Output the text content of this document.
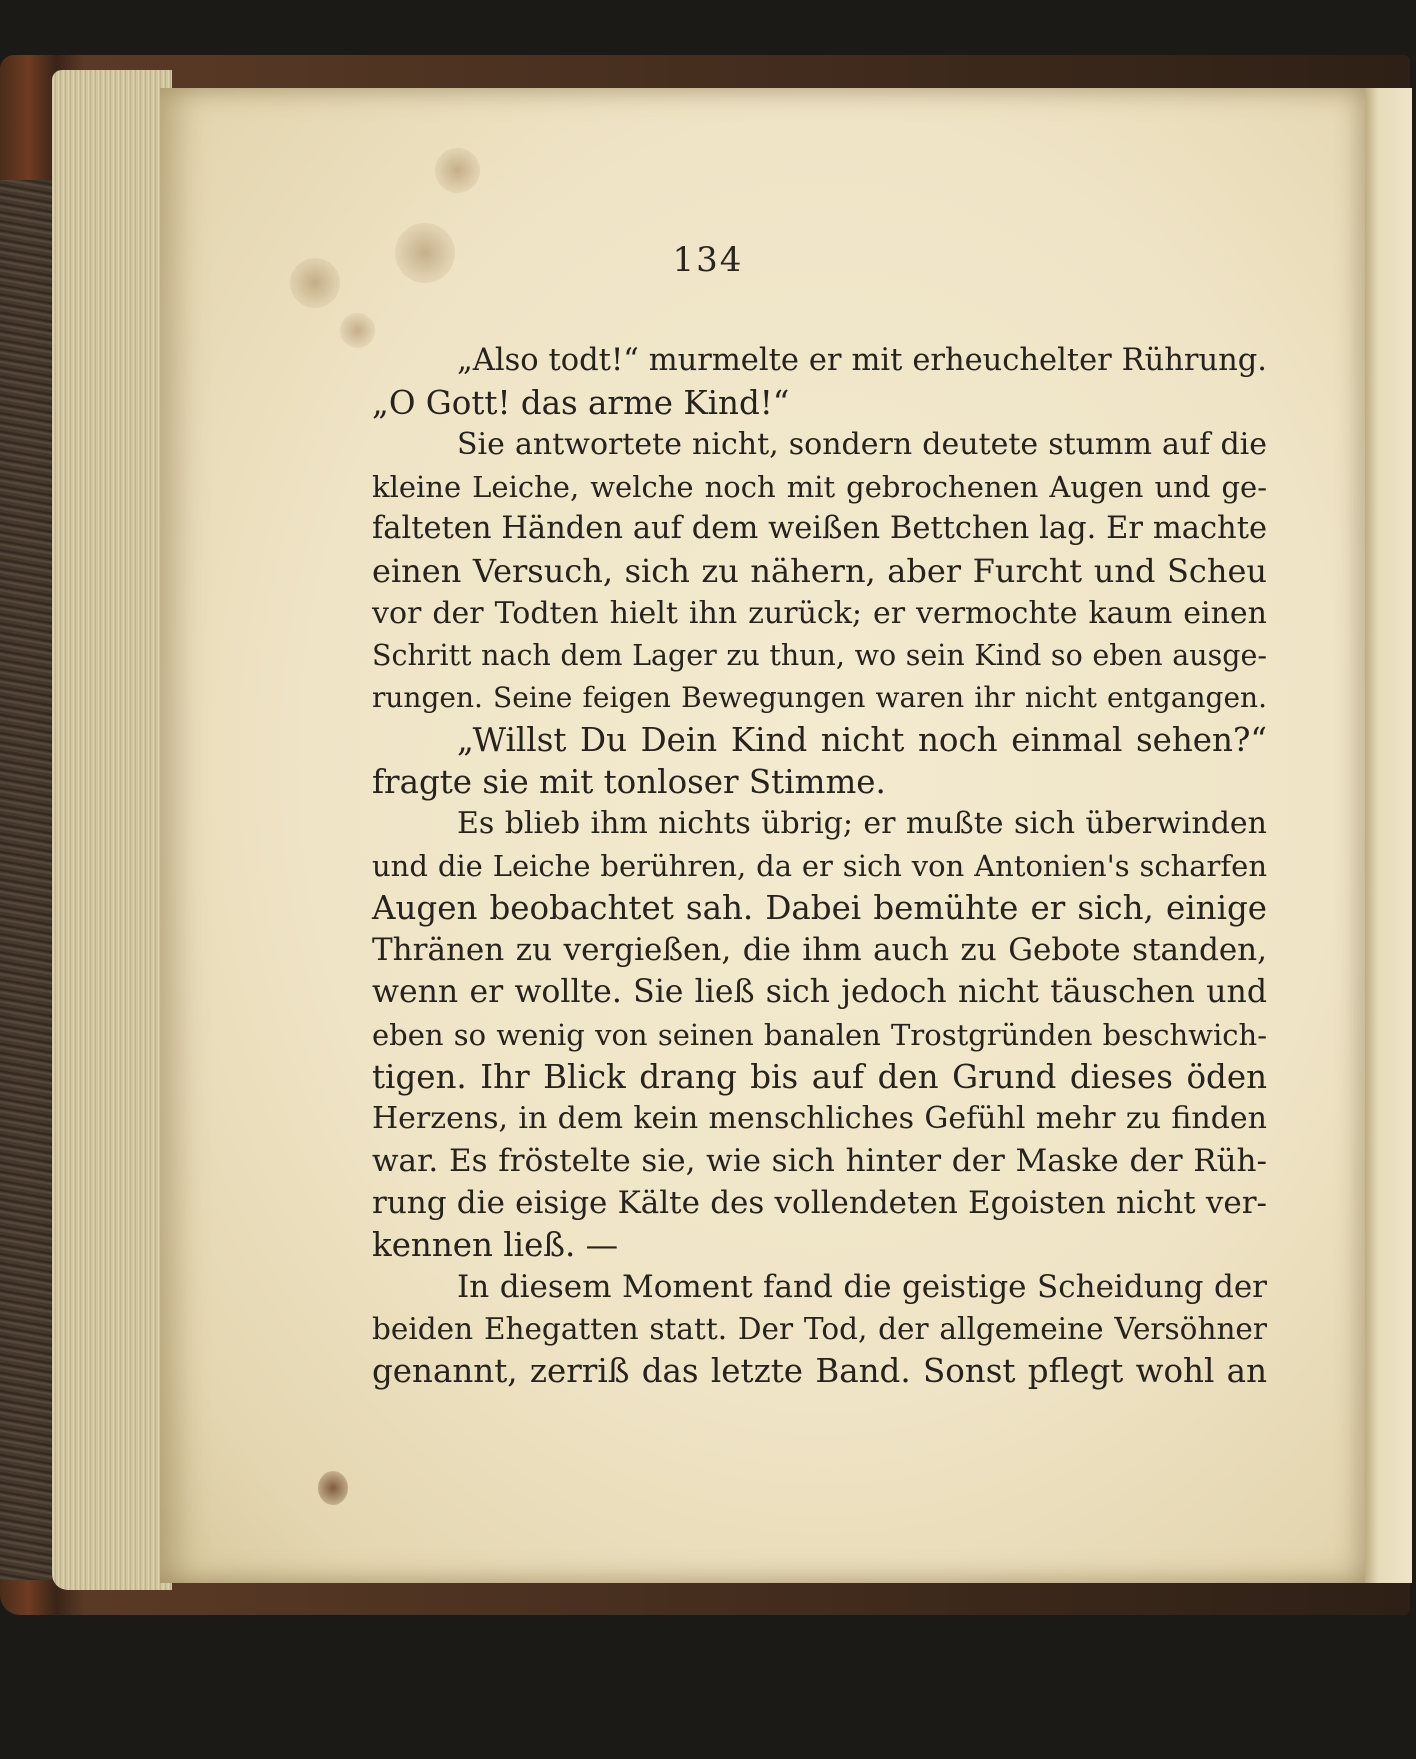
134
„Also todt!“ murmelte er mit erheuchelter Rührung.
„O Gott! das arme Kind!“
Sie antwortete nicht, sondern deutete stumm auf die
kleine Leiche, welche noch mit gebrochenen Augen und ge-
falteten Händen auf dem weißen Bettchen lag. Er machte
einen Versuch, sich zu nähern, aber Furcht und Scheu
vor der Todten hielt ihn zurück; er vermochte kaum einen
Schritt nach dem Lager zu thun, wo sein Kind so eben ausge-
rungen. Seine feigen Bewegungen waren ihr nicht entgangen.
„Willst Du Dein Kind nicht noch einmal sehen?“
fragte sie mit tonloser Stimme.
Es blieb ihm nichts übrig; er mußte sich überwinden
und die Leiche berühren, da er sich von Antonien's scharfen
Augen beobachtet sah. Dabei bemühte er sich, einige
Thränen zu vergießen, die ihm auch zu Gebote standen,
wenn er wollte. Sie ließ sich jedoch nicht täuschen und
eben so wenig von seinen banalen Trostgründen beschwich-
tigen. Ihr Blick drang bis auf den Grund dieses öden
Herzens, in dem kein menschliches Gefühl mehr zu finden
war. Es fröstelte sie, wie sich hinter der Maske der Rüh-
rung die eisige Kälte des vollendeten Egoisten nicht ver-
kennen ließ. —
In diesem Moment fand die geistige Scheidung der
beiden Ehegatten statt. Der Tod, der allgemeine Versöhner
genannt, zerriß das letzte Band. Sonst pflegt wohl an
